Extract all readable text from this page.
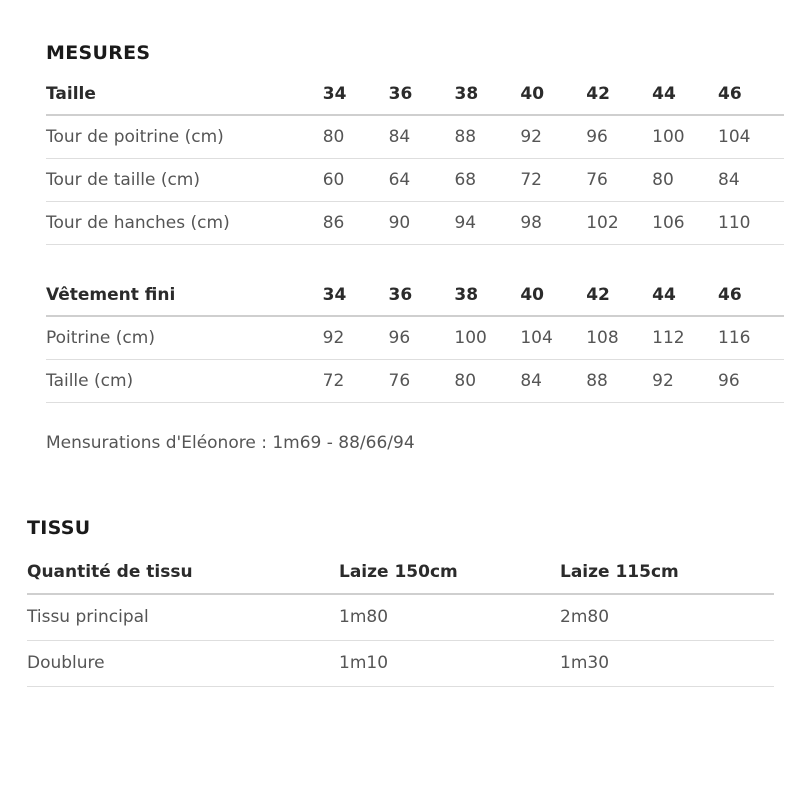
MESURES
Taille	34	36	38	40	42	44	46
Tour de poitrine (cm)	80	84	88	92	96	100	104
Tour de taille (cm)	60	64	68	72	76	80	84
Tour de hanches (cm)	86	90	94	98	102	106	110
Vêtement fini	34	36	38	40	42	44	46
Poitrine (cm)	92	96	100	104	108	112	116
Taille (cm)	72	76	80	84	88	92	96
Mensurations d'Eléonore : 1m69 - 88/66/94
TISSU
Quantité de tissu	Laize 150cm	Laize 115cm
Tissu principal	1m80	2m80
Doublure	1m10	1m30
